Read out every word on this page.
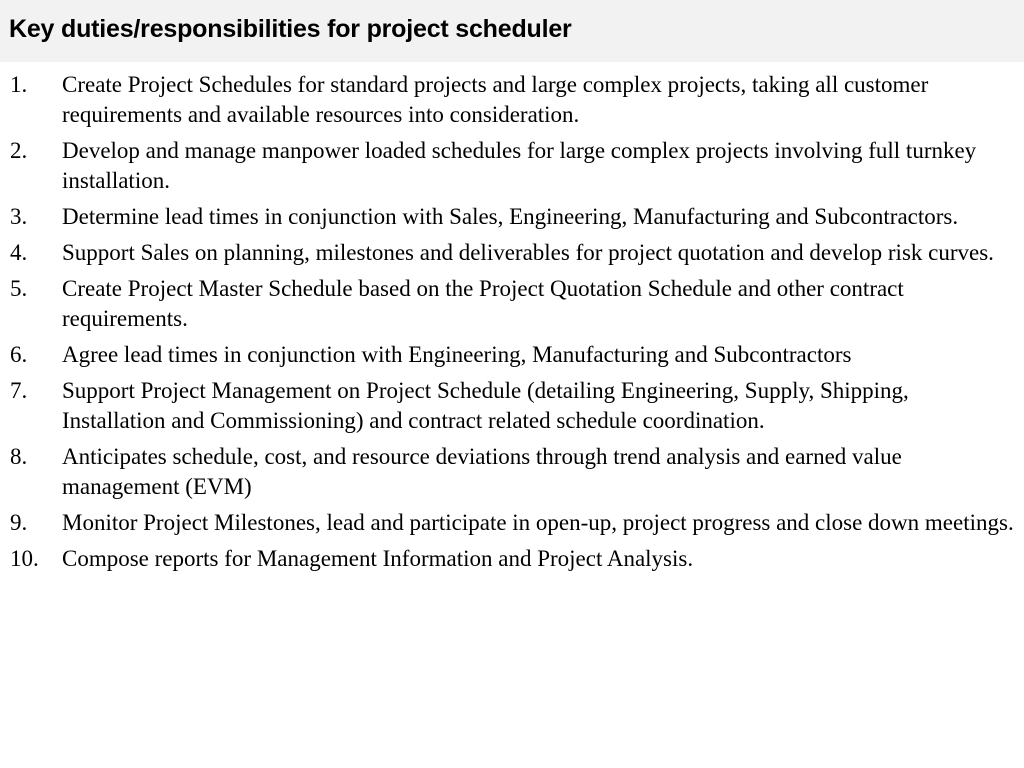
Key duties/responsibilities for project scheduler
1. Create Project Schedules for standard projects and large complex projects, taking all customer requirements and available resources into consideration.
2. Develop and manage manpower loaded schedules for large complex projects involving full turnkey installation.
3. Determine lead times in conjunction with Sales, Engineering, Manufacturing and Subcontractors.
4. Support Sales on planning, milestones and deliverables for project quotation and develop risk curves.
5. Create Project Master Schedule based on the Project Quotation Schedule and other contract requirements.
6. Agree lead times in conjunction with Engineering, Manufacturing and Subcontractors
7. Support Project Management on Project Schedule (detailing Engineering, Supply, Shipping, Installation and Commissioning) and contract related schedule coordination.
8. Anticipates schedule, cost, and resource deviations through trend analysis and earned value management (EVM)
9. Monitor Project Milestones, lead and participate in open-up, project progress and close down meetings.
10. Compose reports for Management Information and Project Analysis.
